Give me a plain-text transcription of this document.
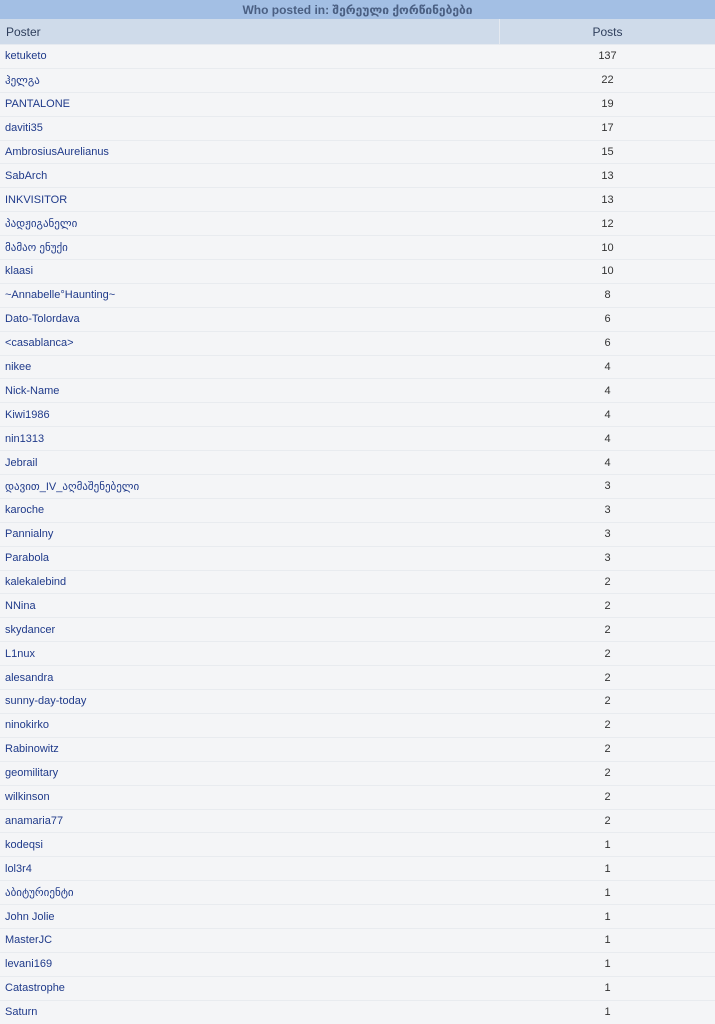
Who posted in: შერეული ქორწინებები
Poster	Posts
ketuketo	137
ჰელგა	22
PANTALONE	19
daviti35	17
AmbrosiusAurelianus	15
SabArch	13
INKVISITOR	13
პადჟიგანელი	12
მამაო ენუქი	10
klaasi	10
~Annabelle°Haunting~	8
Dato-Tolordava	6
<casablanca>	6
nikee	4
Nick-Name	4
Kiwi1986	4
nin1313	4
Jebrail	4
დავით_IV_აღმაშენებელი	3
karoche	3
Pannialny	3
Parabola	3
kalekalebind	2
NNina	2
skydancer	2
L1nux	2
alesandra	2
sunny-day-today	2
ninokirko	2
Rabinowitz	2
geomilitary	2
wilkinson	2
anamaria77	2
kodeqsi	1
lol3r4	1
აბიტურიენტი	1
John Jolie	1
MasterJC	1
levani169	1
Catastrophe	1
Saturn	1
